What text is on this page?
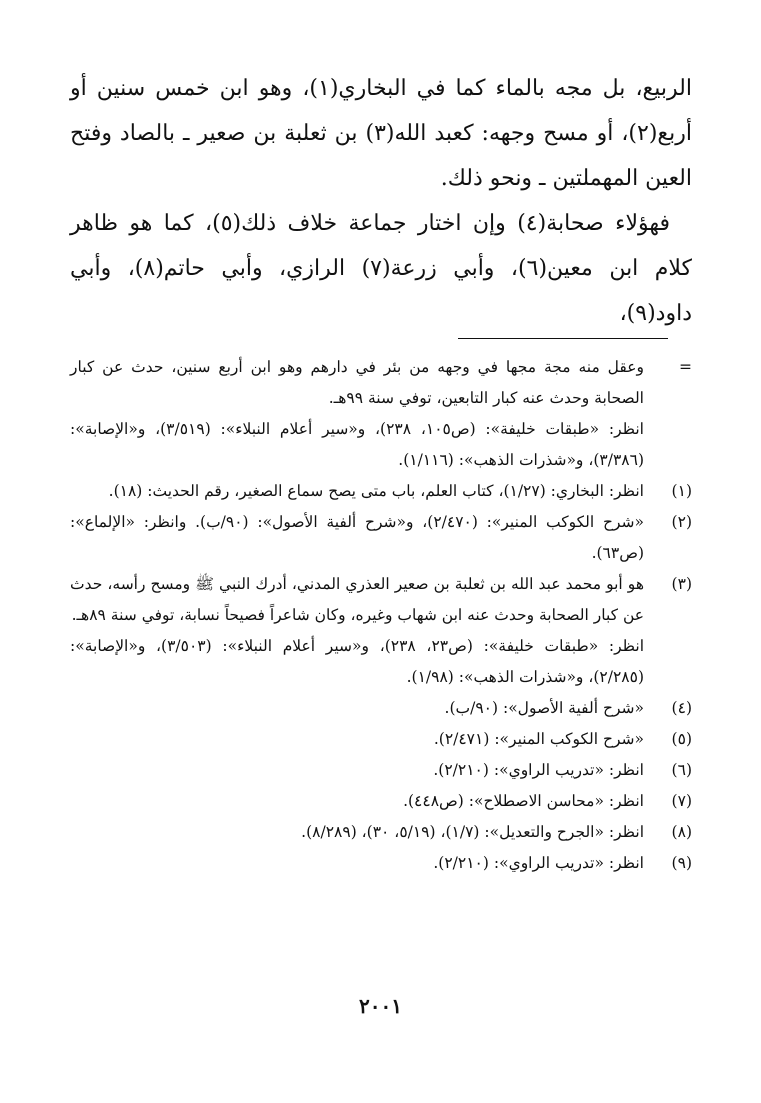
الربيع، بل مجه بالماء كما في البخاري(١)، وهو ابن خمس سنين أو أربع(٢)، أو مسح وجهه: كعبد الله(٣) بن ثعلبة بن صعير ـ بالصاد وفتح العين المهملتين ـ ونحو ذلك.

فهؤلاء صحابة(٤) وإن اختار جماعة خلاف ذلك(٥)، كما هو ظاهر كلام ابن معين(٦)، وأبي زرعة(٧) الرازي، وأبي حاتم(٨)، وأبي داود(٩)،

=

وعقل منه مجة مجها في وجهه من بئر في دارهم وهو ابن أربع سنين، حدث عن كبار الصحابة وحدث عنه كبار التابعين، توفي سنة ٩٩هـ.

انظر: «طبقات خليفة»: (ص١٠٥، ٢٣٨)، و«سير أعلام النبلاء»: (٣/٥١٩)، و«الإصابة»: (٣/٣٨٦)، و«شذرات الذهب»: (١/١١٦).

(١)

انظر: البخاري: (١/٢٧)، كتاب العلم، باب متى يصح سماع الصغير، رقم الحديث: (١٨).

(٢)

«شرح الكوكب المنير»: (٢/٤٧٠)، و«شرح ألفية الأصول»: (٩٠/ب). وانظر: «الإلماع»: (ص٦٣).

(٣)

هو أبو محمد عبد الله بن ثعلبة بن صعير العذري المدني، أدرك النبي ﷺ ومسح رأسه، حدث عن كبار الصحابة وحدث عنه ابن شهاب وغيره، وكان شاعراً فصيحاً نسابة، توفي سنة ٨٩هـ.

انظر: «طبقات خليفة»: (ص٢٣، ٢٣٨)، و«سير أعلام النبلاء»: (٣/٥٠٣)، و«الإصابة»: (٢/٢٨٥)، و«شذرات الذهب»: (١/٩٨).

(٤)

«شرح ألفية الأصول»: (٩٠/ب).

(٥)

«شرح الكوكب المنير»: (٢/٤٧١).

(٦)

انظر: «تدريب الراوي»: (٢/٢١٠).

(٧)

انظر: «محاسن الاصطلاح»: (ص٤٤٨).

(٨)

انظر: «الجرح والتعديل»: (١/٧)، (٥/١٩، ٣٠)، (٨/٢٨٩).

(٩)

انظر: «تدريب الراوي»: (٢/٢١٠).

٢٠٠١
